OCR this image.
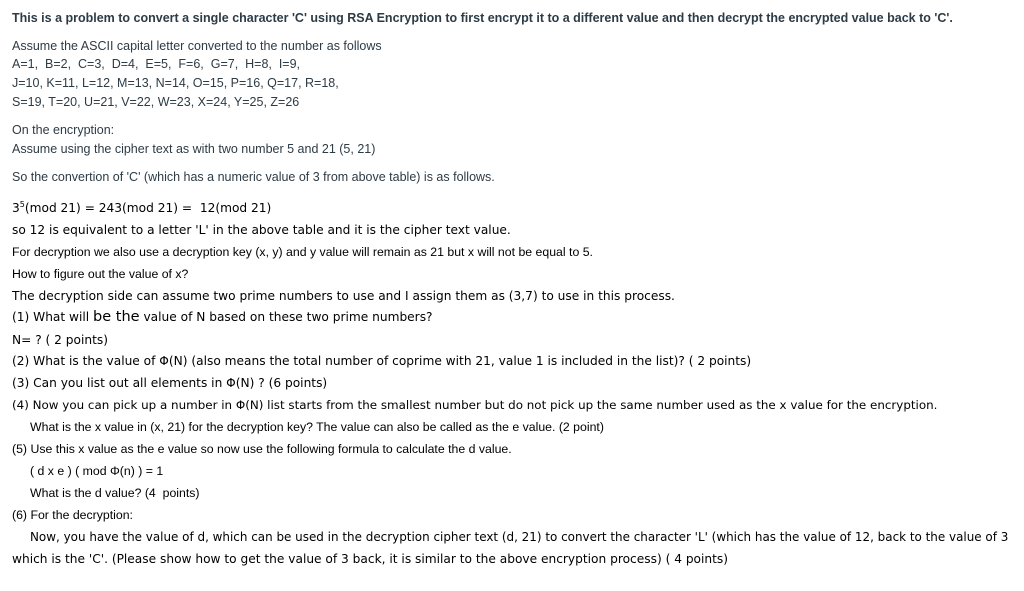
This is a problem to convert a single character 'C' using RSA Encryption to first encrypt it to a different value and then decrypt the encrypted value back to 'C'.
Assume the ASCII capital letter converted to the number as follows
A=1,  B=2,  C=3,  D=4,  E=5,  F=6,  G=7,  H=8,  I=9,
J=10, K=11, L=12, M=13, N=14, O=15, P=16, Q=17, R=18,
S=19, T=20, U=21, V=22, W=23, X=24, Y=25, Z=26
On the encryption:
Assume using the cipher text as with two number 5 and 21 (5, 21)
So the convertion of 'C' (which has a numeric value of 3 from above table) is as follows.
$3^5(mod$ 21) = 243(mod 21) =  12(mod 21)
so 12 is equivalent to a letter 'L' in the above table and it is the cipher text value.
For decryption we also use a decryption key (x, y) and y value will remain as 21 but x will not be equal to 5.
How to figure out the value of x?
The decryption side can assume two prime numbers to use and I assign them as (3,7) to use in this process.
(1) What will be the value of N based on these two prime numbers?
N= ? ( 2 points)
(2) What is the value of Φ(N) (also means the total number of coprime with 21, value 1 is included in the list)? ( 2 points)
(3) Can you list out all elements in Φ(N) ? (6 points)
(4) Now you can pick up a number in Φ(N) list starts from the smallest number but do not pick up the same number used as the x value for the encryption.
What is the x value in (x, 21) for the decryption key? The value can also be called as the e value. (2 point)
(5) Use this x value as the e value so now use the following formula to calculate the d value.
( d x e ) ( mod Φ(n) ) = 1
What is the d value? (4  points)
(6) For the decryption:
Now, you have the value of d, which can be used in the decryption cipher text (d, 21) to convert the character 'L' (which has the value of 12, back to the value of 3
which is the 'C'. (Please show how to get the value of 3 back, it is similar to the above encryption process) ( 4 points)
